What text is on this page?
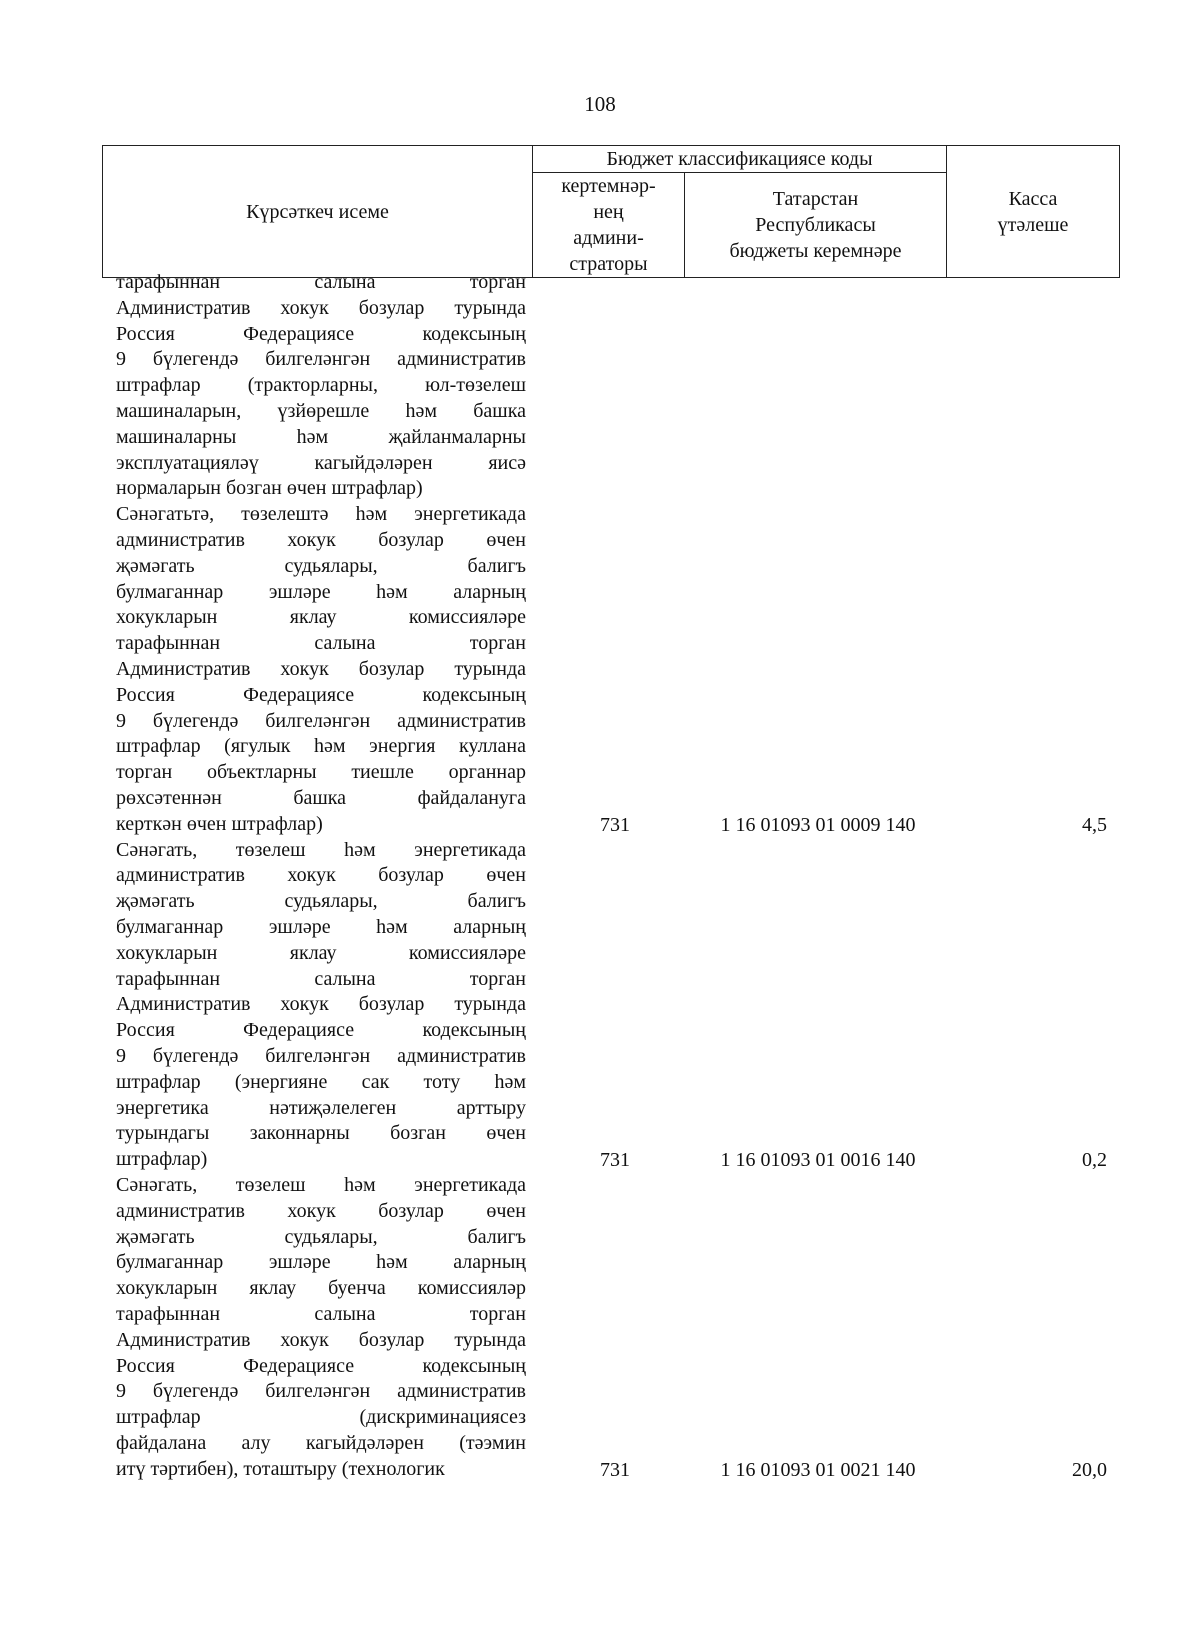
108
Күрсәткеч исеме	Бюджет классификациясе коды		Касса
үтәлеше
	кертемнәр-
нең
админи-
страторы	Татарстан
Республикасы
бюджеты керемнәре	
тарафыннан салына торган
Административ хокук бозулар турында
Россия Федерациясе кодексының
9 бүлегендә билгеләнгән административ
штрафлар (тракторларны, юл-төзелеш
машиналарын, үзйөрешле һәм башка
машиналарны һәм җайланмаларны
эксплуатацияләү кагыйдәләрен яисә
нормаларын бозган өчен штрафлар)
Сәнәгатьтә, төзелештә һәм энергетикада
административ хокук бозулар өчен
җәмәгать судьялары, балигъ
булмаганнар эшләре һәм аларның
хокукларын яклау комиссияләре
тарафыннан салына торган
Административ хокук бозулар турында
Россия Федерациясе кодексының
9 бүлегендә билгеләнгән административ
штрафлар (ягулык һәм энергия куллана
торган объектларны тиешле органнар
рөхсәтеннән башка файдалануга
керткән өчен штрафлар)	731	1 16 01093 01 0009 140	4,5
Сәнәгать, төзелеш һәм энергетикада
административ хокук бозулар өчен
җәмәгать судьялары, балигъ
булмаганнар эшләре һәм аларның
хокукларын яклау комиссияләре
тарафыннан салына торган
Административ хокук бозулар турында
Россия Федерациясе кодексының
9 бүлегендә билгеләнгән административ
штрафлар (энергияне сак тоту һәм
энергетика нәтиҗәлелеген арттыру
турындагы законнарны бозган өчен
штрафлар)	731	1 16 01093 01 0016 140	0,2
Сәнәгать, төзелеш һәм энергетикада
административ хокук бозулар өчен
җәмәгать судьялары, балигъ
булмаганнар эшләре һәм аларның
хокукларын яклау буенча комиссияләр
тарафыннан салына торган
Административ хокук бозулар турында
Россия Федерациясе кодексының
9 бүлегендә билгеләнгән административ
штрафлар (дискриминациясез
файдалана алу кагыйдәләрен (тәэмин
итү тәртибен), тоташтыру (технологик	731	1 16 01093 01 0021 140	20,0
